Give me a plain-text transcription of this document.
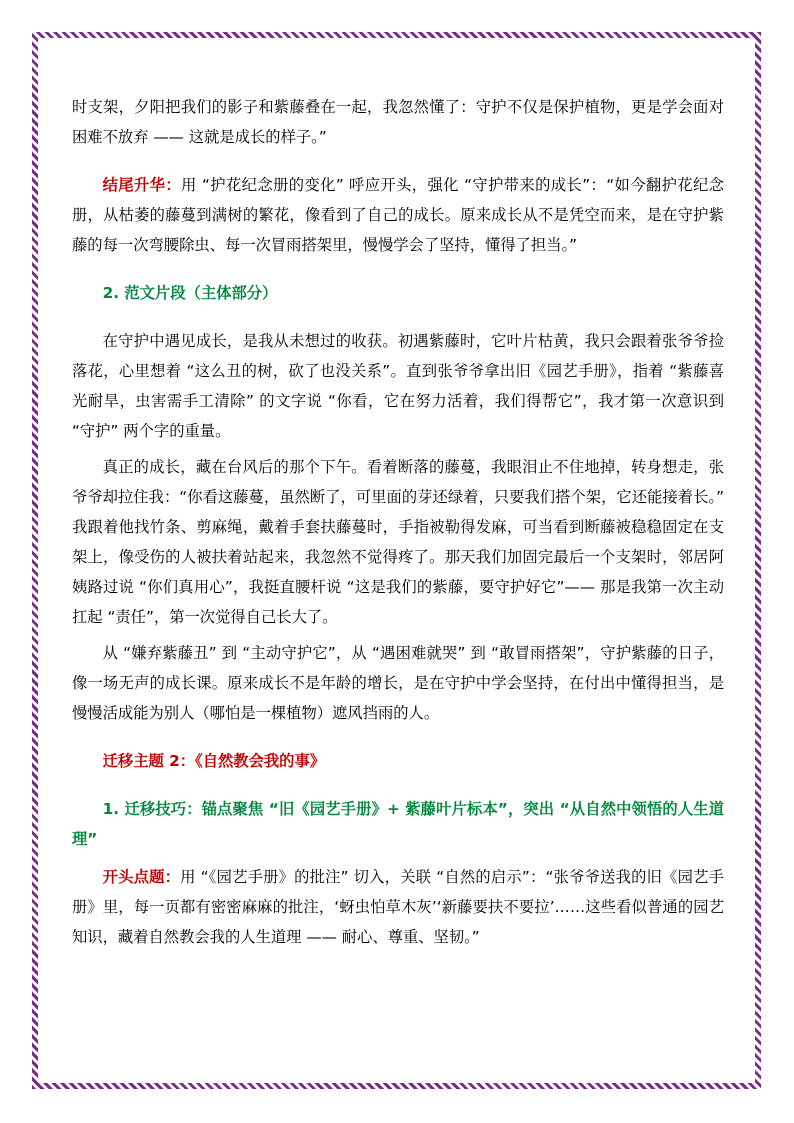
时支架，夕阳把我们的影子和紫藤叠在一起，我忽然懂了：守护不仅是保护植物，更是学会面对困难不放弃 —— 这就是成长的样子。”

结尾升华：用 “护花纪念册的变化” 呼应开头，强化 “守护带来的成长”：“如今翻护花纪念册，从枯萎的藤蔓到满树的繁花，像看到了自己的成长。原来成长从不是凭空而来，是在守护紫藤的每一次弯腰除虫、每一次冒雨搭架里，慢慢学会了坚持，懂得了担当。”

2. 范文片段（主体部分）

在守护中遇见成长，是我从未想过的收获。初遇紫藤时，它叶片枯黄，我只会跟着张爷爷捡落花，心里想着 “这么丑的树，砍了也没关系”。直到张爷爷拿出旧《园艺手册》，指着 “紫藤喜光耐旱，虫害需手工清除” 的文字说 “你看，它在努力活着，我们得帮它”，我才第一次意识到 “守护” 两个字的重量。

真正的成长，藏在台风后的那个下午。看着断落的藤蔓，我眼泪止不住地掉，转身想走，张爷爷却拉住我：“你看这藤蔓，虽然断了，可里面的芽还绿着，只要我们搭个架，它还能接着长。” 我跟着他找竹条、剪麻绳，戴着手套扶藤蔓时，手指被勒得发麻，可当看到断藤被稳稳固定在支架上，像受伤的人被扶着站起来，我忽然不觉得疼了。那天我们加固完最后一个支架时，邻居阿姨路过说 “你们真用心”，我挺直腰杆说 “这是我们的紫藤，要守护好它”—— 那是我第一次主动扛起 “责任”，第一次觉得自己长大了。

从 “嫌弃紫藤丑” 到 “主动守护它”，从 “遇困难就哭” 到 “敢冒雨搭架”，守护紫藤的日子，像一场无声的成长课。原来成长不是年龄的增长，是在守护中学会坚持，在付出中懂得担当，是慢慢活成能为别人（哪怕是一棵植物）遮风挡雨的人。

迁移主题 2：《自然教会我的事》

1. 迁移技巧：锚点聚焦 “旧《园艺手册》+ 紫藤叶片标本”，突出 “从自然中领悟的人生道理”

开头点题：用 “《园艺手册》的批注” 切入，关联 “自然的启示”：“张爷爷送我的旧《园艺手册》里，每一页都有密密麻麻的批注，‘蚜虫怕草木灰’‘新藤要扶不要拉’……这些看似普通的园艺知识，藏着自然教会我的人生道理 —— 耐心、尊重、坚韧。”
